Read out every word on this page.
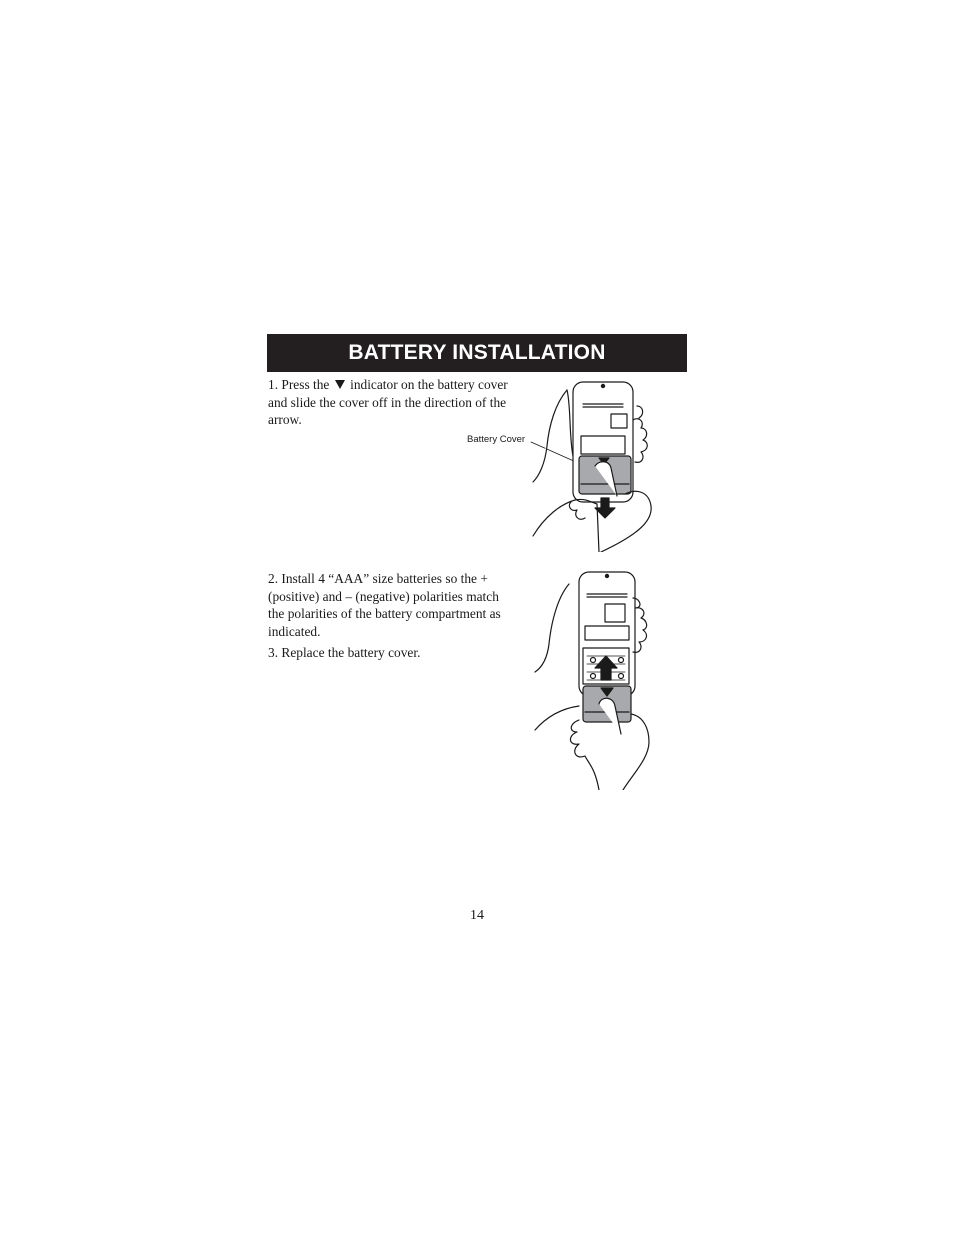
BATTERY INSTALLATION
1. Press the indicator on the battery cover and slide the cover off in the direction of the arrow.
Battery Cover
2. Install 4 “AAA” size batteries so the + (positive) and – (negative) polarities match the polarities of the battery compartment as indicated.
3. Replace the battery cover.
14
